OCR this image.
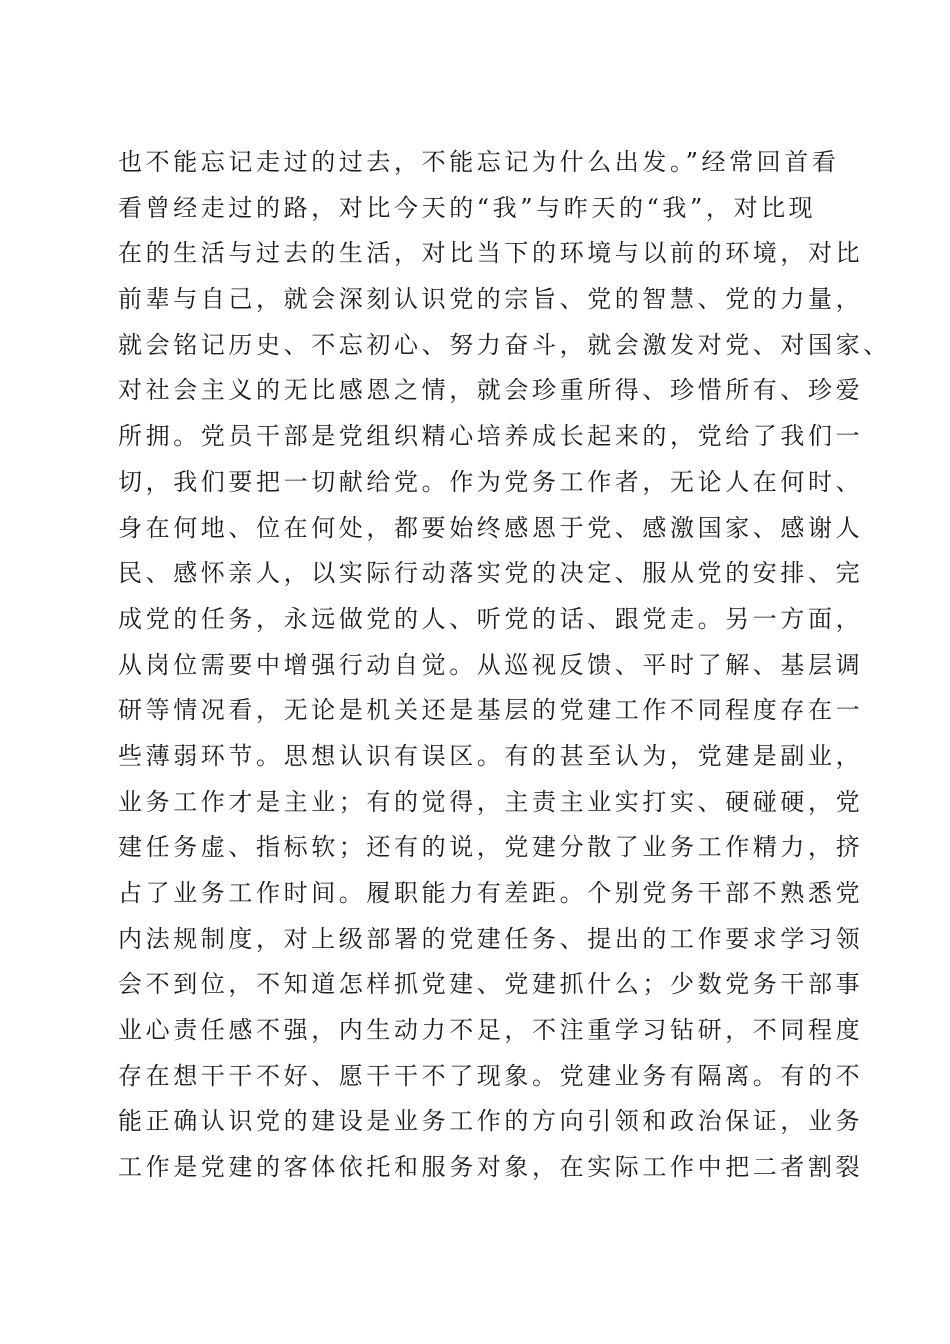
也不能忘记走过的过去，不能忘记为什么出发。”经常回首看
看曾经走过的路，对比今天的“我”与昨天的“我”，对比现
在的生活与过去的生活，对比当下的环境与以前的环境，对比
前辈与自己，就会深刻认识党的宗旨、党的智慧、党的力量，
就会铭记历史、不忘初心、努力奋斗，就会激发对党、对国家、
对社会主义的无比感恩之情，就会珍重所得、珍惜所有、珍爱
所拥。党员干部是党组织精心培养成长起来的，党给了我们一
切，我们要把一切献给党。作为党务工作者，无论人在何时、
身在何地、位在何处，都要始终感恩于党、感激国家、感谢人
民、感怀亲人，以实际行动落实党的决定、服从党的安排、完
成党的任务，永远做党的人、听党的话、跟党走。另一方面，
从岗位需要中增强行动自觉。从巡视反馈、平时了解、基层调
研等情况看，无论是机关还是基层的党建工作不同程度存在一
些薄弱环节。思想认识有误区。有的甚至认为，党建是副业，
业务工作才是主业；有的觉得，主责主业实打实、硬碰硬，党
建任务虚、指标软；还有的说，党建分散了业务工作精力，挤
占了业务工作时间。履职能力有差距。个别党务干部不熟悉党
内法规制度，对上级部署的党建任务、提出的工作要求学习领
会不到位，不知道怎样抓党建、党建抓什么；少数党务干部事
业心责任感不强，内生动力不足，不注重学习钻研，不同程度
存在想干干不好、愿干干不了现象。党建业务有隔离。有的不
能正确认识党的建设是业务工作的方向引领和政治保证，业务
工作是党建的客体依托和服务对象，在实际工作中把二者割裂
